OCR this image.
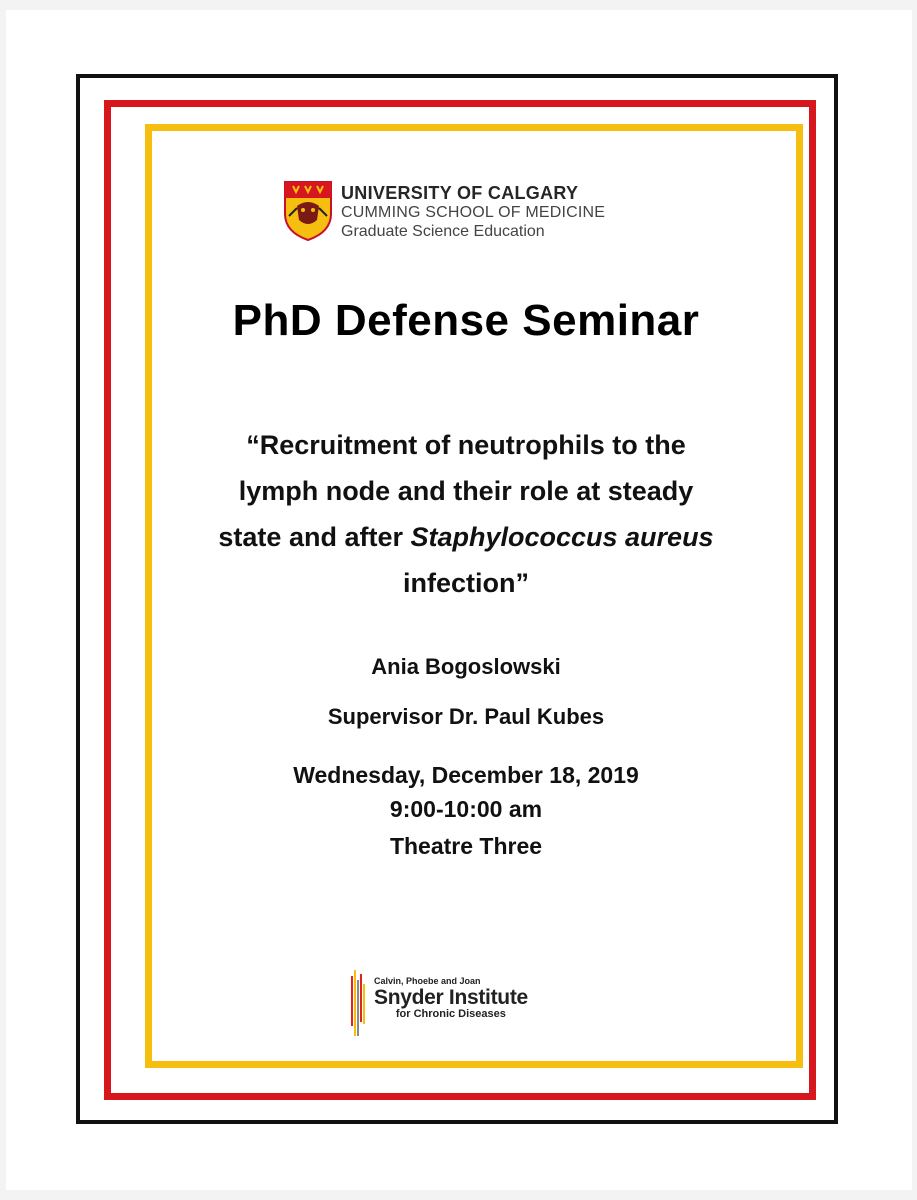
UNIVERSITY OF CALGARY
CUMMING SCHOOL OF MEDICINE
Graduate Science Education
PhD Defense Seminar
“Recruitment of neutrophils to the
lymph node and their role at steady
state and after Staphylococcus aureus
infection”
Ania Bogoslowski
Supervisor Dr. Paul Kubes
Wednesday, December 18, 2019
9:00-10:00 am
Theatre Three
Calvin, Phoebe and Joan
Snyder Institute
for Chronic Diseases
